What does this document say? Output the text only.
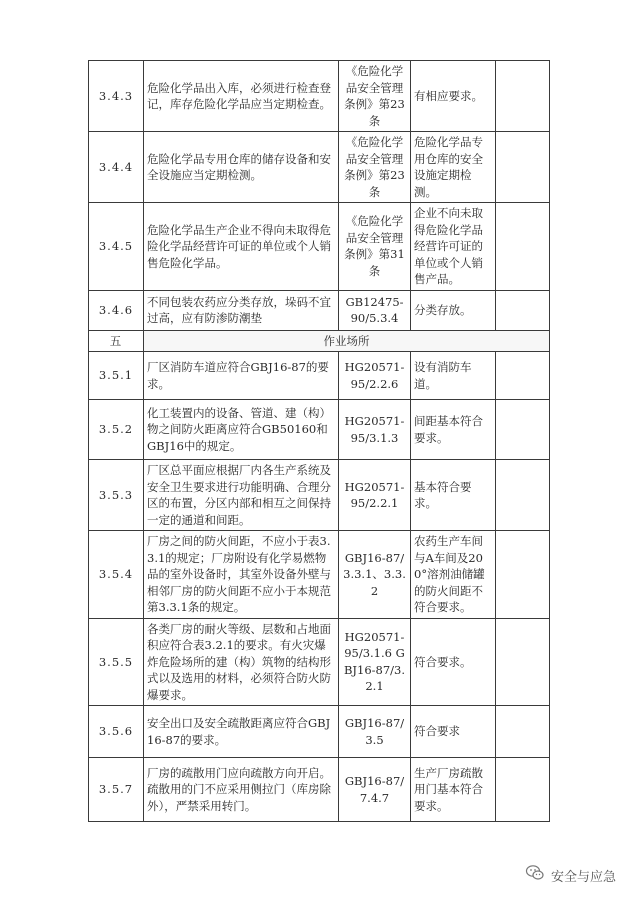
3.4.3	危险化学品出入库，必须进行检查登记，库存危险化学品应当定期检查。	《危险化学品安全管理条例》第23条	有相应要求。	
3.4.4	危险化学品专用仓库的储存设备和安全设施应当定期检测。	《危险化学品安全管理条例》第23条	危险化学品专用仓库的安全设施定期检测。	
3.4.5	危险化学品生产企业不得向未取得危险化学品经营许可证的单位或个人销售危险化学品。	《危险化学品安全管理条例》第31条	企业不向未取得危险化学品经营许可证的单位或个人销售产品。	
3.4.6	不同包装农药应分类存放，垛码不宜过高，应有防渗防潮垫	GB12475-90/5.3.4	分类存放。	
五	作业场所			
3.5.1	厂区消防车道应符合GBJ16-87的要求。	HG20571-95/2.2.6	设有消防车道。	
3.5.2	化工装置内的设备、管道、建（构）物之间防火距离应符合GB50160和GBJ16中的规定。	HG20571-95/3.1.3	间距基本符合要求。	
3.5.3	厂区总平面应根据厂内各生产系统及安全卫生要求进行功能明确、合理分区的布置，分区内部和相互之间保持一定的通道和间距。	HG20571-95/2.2.1	基本符合要求。	
3.5.4	厂房之间的防火间距，不应小于表3.3.1的规定；厂房附设有化学易燃物品的室外设备时，其室外设备外壁与相邻厂房的防火间距不应小于本规范第3.3.1条的规定。	GBJ16-87/3.3.1、3.3.2	农药生产车间与A车间及200°溶剂油储罐的防火间距不符合要求。	
3.5.5	各类厂房的耐火等级、层数和占地面积应符合表3.2.1的要求。有火灾爆炸危险场所的建（构）筑物的结构形式以及选用的材料，必须符合防火防爆要求。	HG20571-95/3.1.6 GBJ16-87/3.2.1	符合要求。	
3.5.6	安全出口及安全疏散距离应符合GBJ16-87的要求。	GBJ16-87/3.5	符合要求	
3.5.7	厂房的疏散用门应向疏散方向开启。疏散用的门不应采用侧拉门（库房除外），严禁采用转门。	GBJ16-87/7.4.7	生产厂房疏散用门基本符合要求。	
安全与应急
